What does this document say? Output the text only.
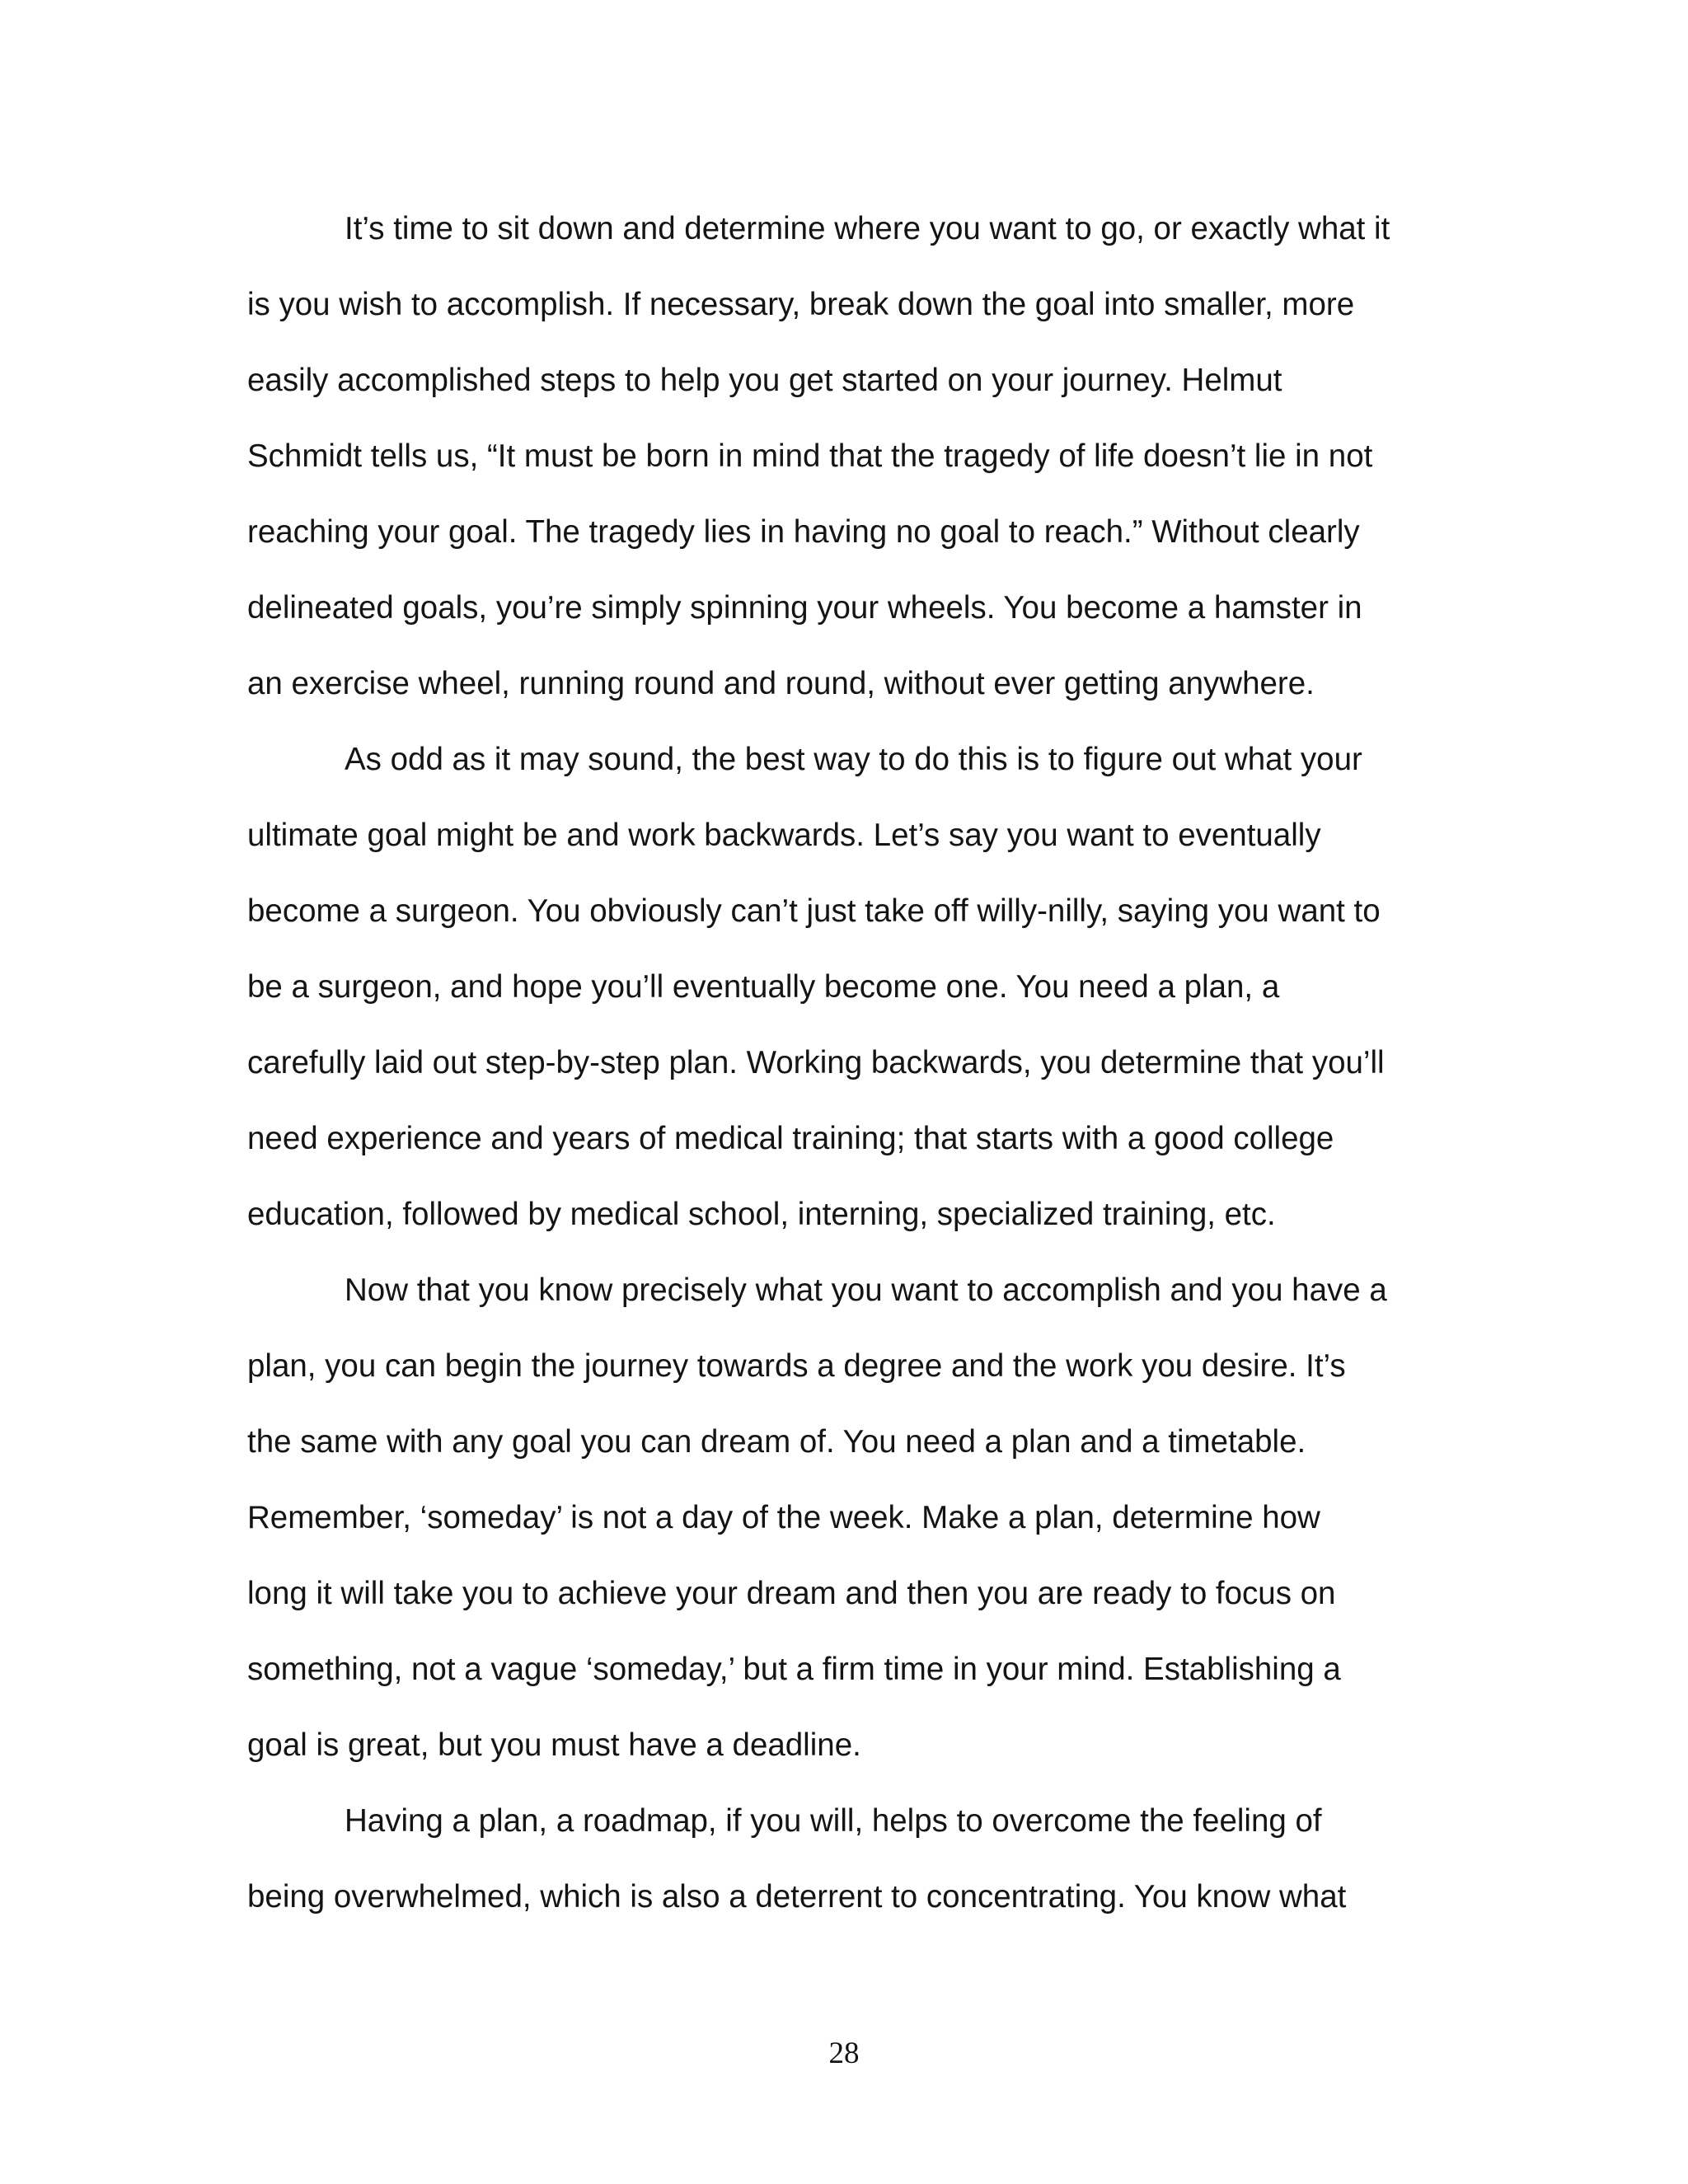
It’s time to sit down and determine where you want to go, or exactly what it
is you wish to accomplish. If necessary, break down the goal into smaller, more
easily accomplished steps to help you get started on your journey. Helmut
Schmidt tells us, “It must be born in mind that the tragedy of life doesn’t lie in not
reaching your goal. The tragedy lies in having no goal to reach.” Without clearly
delineated goals, you’re simply spinning your wheels. You become a hamster in
an exercise wheel, running round and round, without ever getting anywhere.
As odd as it may sound, the best way to do this is to figure out what your
ultimate goal might be and work backwards. Let’s say you want to eventually
become a surgeon. You obviously can’t just take off willy-nilly, saying you want to
be a surgeon, and hope you’ll eventually become one. You need a plan, a
carefully laid out step-by-step plan. Working backwards, you determine that you’ll
need experience and years of medical training; that starts with a good college
education, followed by medical school, interning, specialized training, etc.
Now that you know precisely what you want to accomplish and you have a
plan, you can begin the journey towards a degree and the work you desire. It’s
the same with any goal you can dream of. You need a plan and a timetable.
Remember, ‘someday’ is not a day of the week. Make a plan, determine how
long it will take you to achieve your dream and then you are ready to focus on
something, not a vague ‘someday,’ but a firm time in your mind. Establishing a
goal is great, but you must have a deadline.
Having a plan, a roadmap, if you will, helps to overcome the feeling of
being overwhelmed, which is also a deterrent to concentrating. You know what
28
